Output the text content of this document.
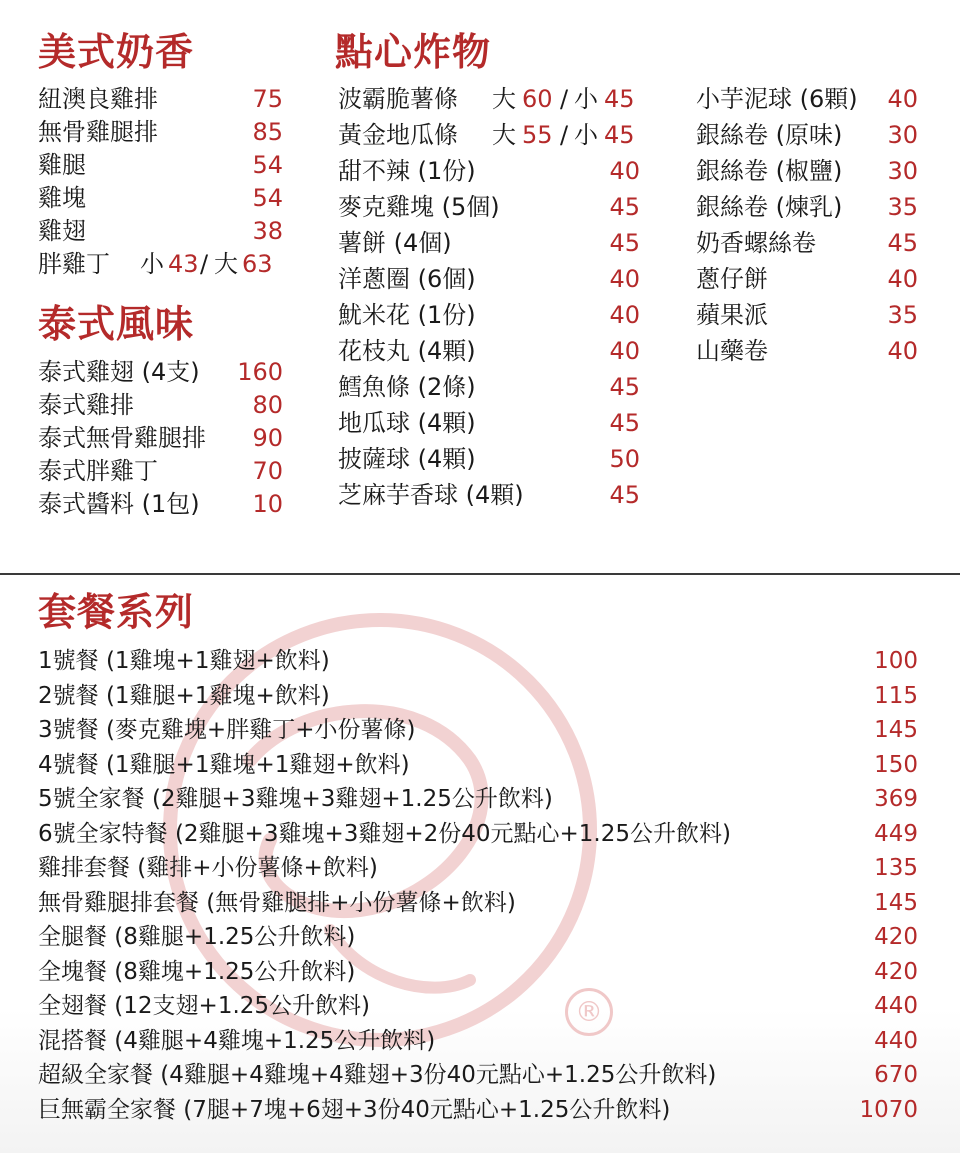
美式奶香
紐澳良雞排	75
無骨雞腿排	85
雞腿	54
雞塊	54
雞翅	38
胖雞丁 小 43 / 大 63
泰式風味
泰式雞翅 (4支) 160
泰式雞排	80
泰式無骨雞腿排 90
泰式胖雞丁	70
泰式醬料 (1包) 10
點心炸物
波霸脆薯條 大 60 / 小 45
黃金地瓜條 大 55 / 小 45
甜不辣 (1份)	40
麥克雞塊 (5個)	45
薯餅 (4個)	45
洋蔥圈 (6個)	40
魷米花 (1份)	40
花枝丸 (4顆)	40
鱈魚條 (2條)	45
地瓜球 (4顆)	45
披薩球 (4顆)	50
芝麻芋香球 (4顆)	45
小芋泥球 (6顆) 40
銀絲卷 (原味) 30
銀絲卷 (椒鹽) 30
銀絲卷 (煉乳) 35
奶香螺絲卷	45
蔥仔餅	40
蘋果派	35
山藥卷	40
套餐系列
1號餐 (1雞塊+1雞翅+飲料)	100
2號餐 (1雞腿+1雞塊+飲料)	115
3號餐 (麥克雞塊+胖雞丁+小份薯條)	145
4號餐 (1雞腿+1雞塊+1雞翅+飲料)	150
5號全家餐 (2雞腿+3雞塊+3雞翅+1.25公升飲料)	369
6號全家特餐 (2雞腿+3雞塊+3雞翅+2份40元點心+1.25公升飲料)	449
雞排套餐 (雞排+小份薯條+飲料)	135
無骨雞腿排套餐 (無骨雞腿排+小份薯條+飲料)	145
全腿餐 (8雞腿+1.25公升飲料)	420
全塊餐 (8雞塊+1.25公升飲料)	420
全翅餐 (12支翅+1.25公升飲料)	440
混搭餐 (4雞腿+4雞塊+1.25公升飲料)	440
超級全家餐 (4雞腿+4雞塊+4雞翅+3份40元點心+1.25公升飲料)	670
巨無霸全家餐 (7腿+7塊+6翅+3份40元點心+1.25公升飲料)	1070
®
